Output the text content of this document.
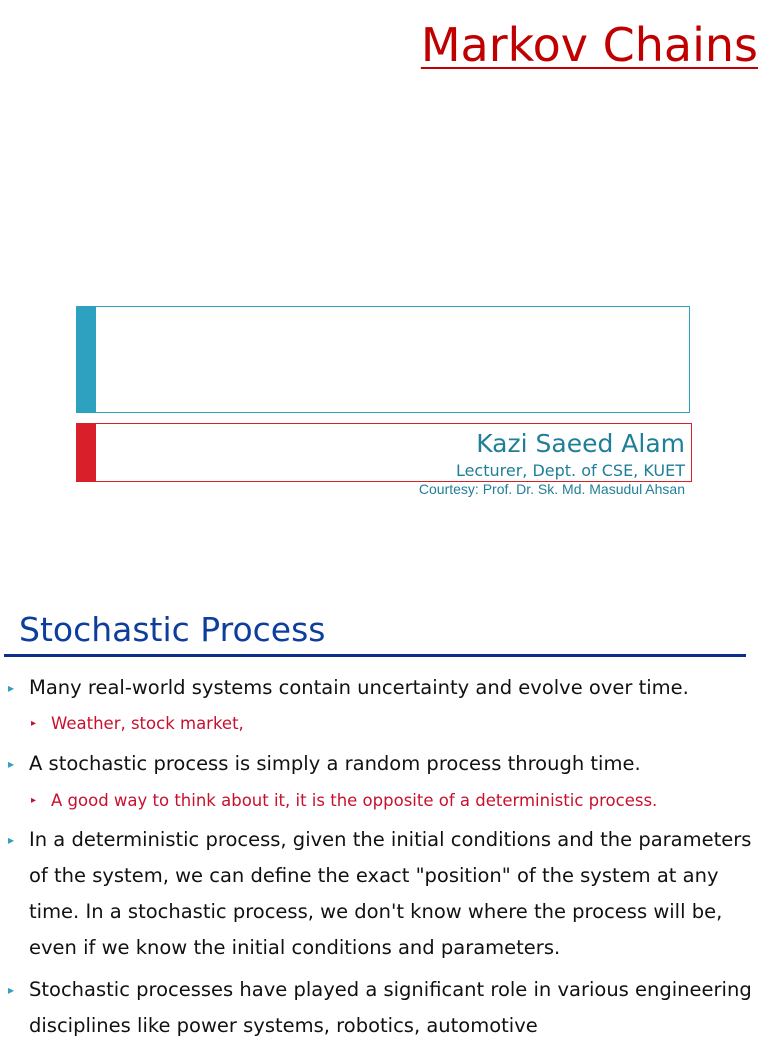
Markov Chains
Kazi Saeed Alam
Lecturer, Dept. of CSE, KUET
Courtesy: Prof. Dr. Sk. Md. Masudul Ahsan
Stochastic Process
▸ Many real-world systems contain uncertainty and evolve over time.
▸ Weather, stock market,
▸ A stochastic process is simply a random process through time.
▸ A good way to think about it, it is the opposite of a deterministic process.
▸ In a deterministic process, given the initial conditions and the parameters of the system, we can define the exact "position" of the system at any time. In a stochastic process, we don't know where the process will be, even if we know the initial conditions and parameters.
▸ Stochastic processes have played a significant role in various engineering disciplines like power systems, robotics, automotive
